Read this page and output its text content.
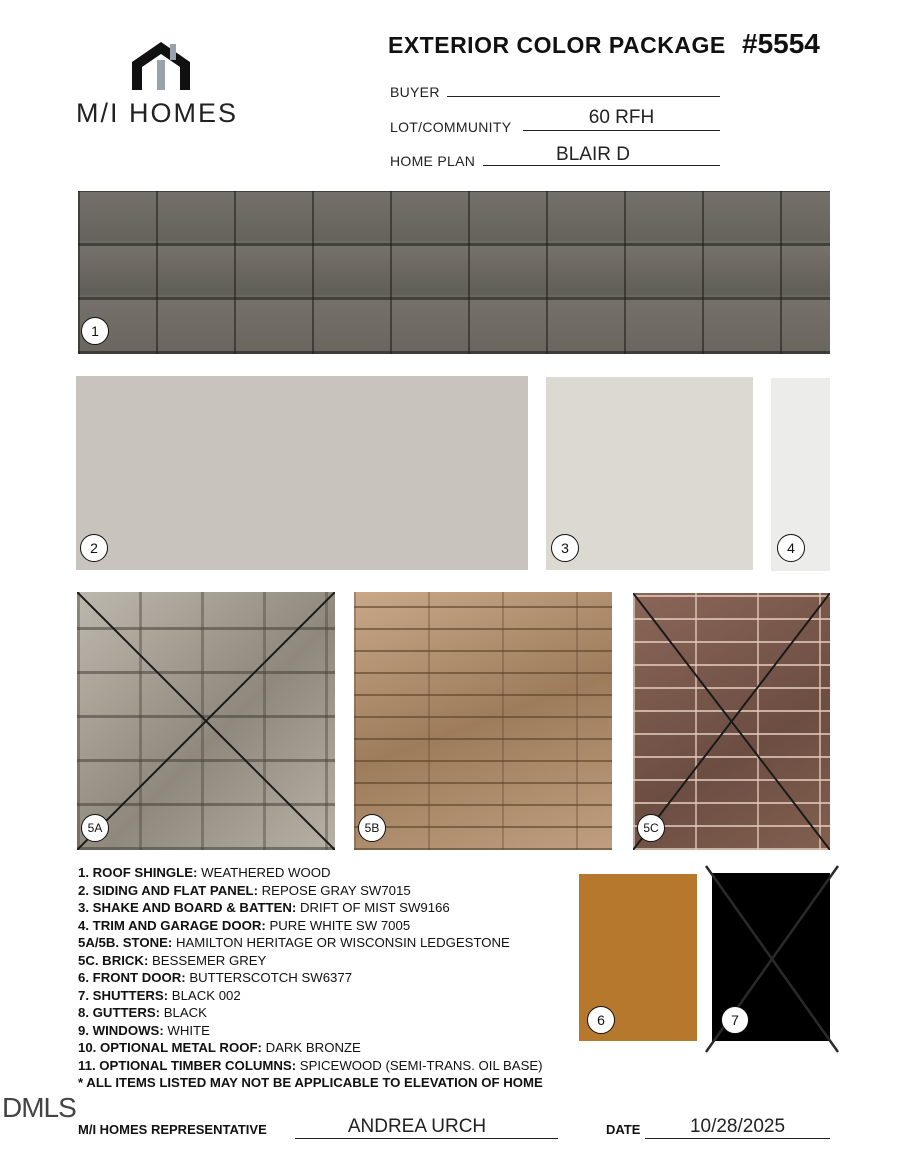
M/I HOMES
EXTERIOR COLOR PACKAGE #5554
BUYER
LOT/COMMUNITY	60 RFH
HOME PLAN	BLAIR D
1
2	3	4
5A	5B	5C
1. ROOF SHINGLE: WEATHERED WOOD
2. SIDING AND FLAT PANEL: REPOSE GRAY SW7015
3. SHAKE AND BOARD & BATTEN: DRIFT OF MIST SW9166
4. TRIM AND GARAGE DOOR: PURE WHITE SW 7005
5A/5B. STONE: HAMILTON HERITAGE OR WISCONSIN LEDGESTONE
5C. BRICK: BESSEMER GREY
6. FRONT DOOR: BUTTERSCOTCH SW6377
7. SHUTTERS: BLACK 002
8. GUTTERS: BLACK
9. WINDOWS: WHITE
10. OPTIONAL METAL ROOF: DARK BRONZE
11. OPTIONAL TIMBER COLUMNS: SPICEWOOD (SEMI-TRANS. OIL BASE)
* ALL ITEMS LISTED MAY NOT BE APPLICABLE TO ELEVATION OF HOME
6	7
DMLS
M/I HOMES REPRESENTATIVE	ANDREA URCH	DATE	10/28/2025
